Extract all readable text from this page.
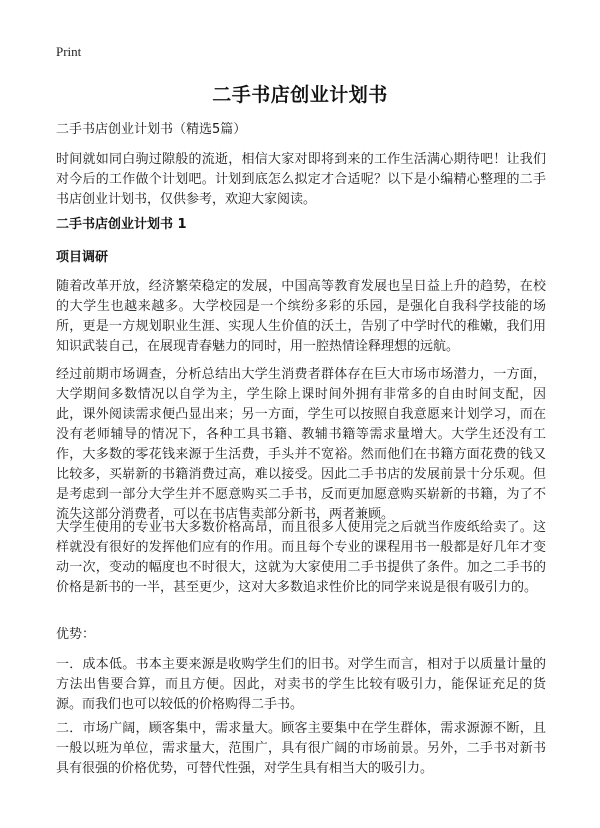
Print
二手书店创业计划书
二手书店创业计划书（精选5篇）
时间就如同白驹过隙般的流逝，相信大家对即将到来的工作生活满心期待吧！让我们对今后的工作做个计划吧。计划到底怎么拟定才合适呢？以下是小编精心整理的二手书店创业计划书，仅供参考，欢迎大家阅读。
二手书店创业计划书 1
项目调研
随着改革开放，经济繁荣稳定的发展，中国高等教育发展也呈日益上升的趋势，在校的大学生也越来越多。大学校园是一个缤纷多彩的乐园，是强化自我科学技能的场所，更是一方规划职业生涯、实现人生价值的沃土，告别了中学时代的稚嫩，我们用知识武装自己，在展现青春魅力的同时，用一腔热情诠释理想的远航。
经过前期市场调查，分析总结出大学生消费者群体存在巨大市场市场潜力，一方面，大学期间多数情况以自学为主，学生除上课时间外拥有非常多的自由时间支配，因此，课外阅读需求便凸显出来；另一方面，学生可以按照自我意愿来计划学习，而在没有老师辅导的情况下，各种工具书籍、教辅书籍等需求量增大。大学生还没有工作，大多数的零花钱来源于生活费，手头并不宽裕。然而他们在书籍方面花费的钱又比较多，买崭新的书籍消费过高，难以接受。因此二手书店的发展前景十分乐观。但是考虑到一部分大学生并不愿意购买二手书，反而更加愿意购买崭新的书籍，为了不流失这部分消费者，可以在书店售卖部分新书，两者兼顾。
大学生使用的专业书大多数价格高昂，而且很多人使用完之后就当作废纸给卖了。这样就没有很好的发挥他们应有的作用。而且每个专业的课程用书一般都是好几年才变动一次，变动的幅度也不时很大，这就为大家使用二手书提供了条件。加之二手书的价格是新书的一半，甚至更少，这对大多数追求性价比的同学来说是很有吸引力的。
优势：
一．成本低。书本主要来源是收购学生们的旧书。对学生而言，相对于以质量计量的方法出售要合算，而且方便。因此，对卖书的学生比较有吸引力，能保证充足的货源。而我们也可以较低的价格购得二手书。
二．市场广阔，顾客集中，需求量大。顾客主要集中在学生群体，需求源源不断，且一般以班为单位，需求量大，范围广，具有很广阔的市场前景。另外，二手书对新书具有很强的价格优势，可替代性强，对学生具有相当大的吸引力。
